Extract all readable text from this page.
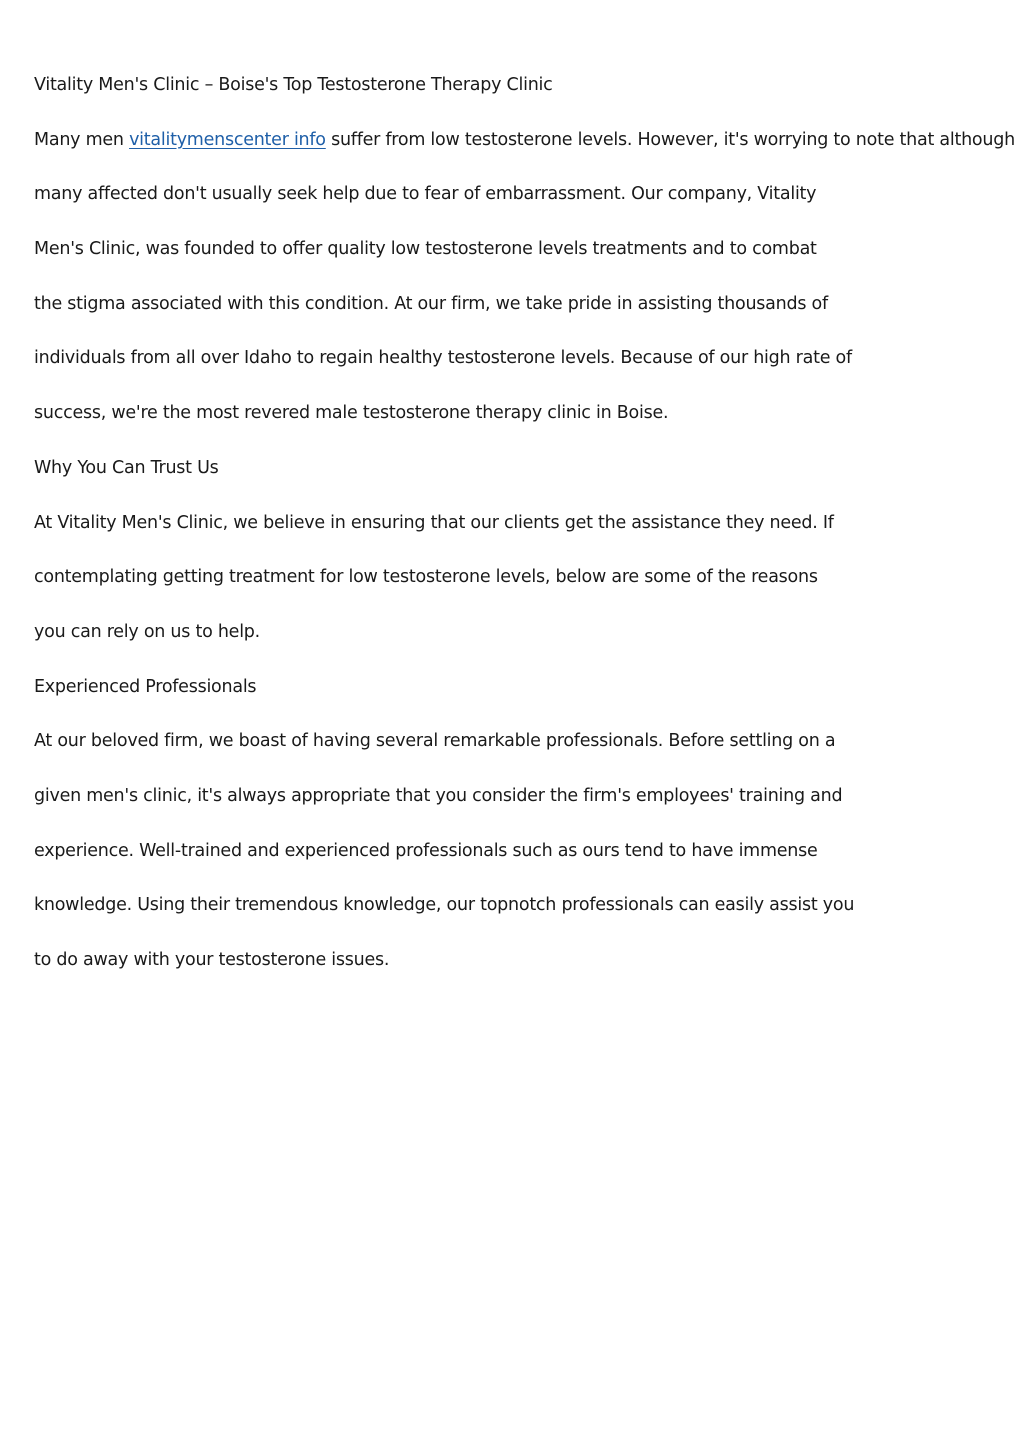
Vitality Men's Clinic – Boise's Top Testosterone Therapy Clinic
Many men vitalitymenscenter info suffer from low testosterone levels. However, it's worrying to note that although
many affected don't usually seek help due to fear of embarrassment. Our company, Vitality
Men's Clinic, was founded to offer quality low testosterone levels treatments and to combat
the stigma associated with this condition. At our firm, we take pride in assisting thousands of
individuals from all over Idaho to regain healthy testosterone levels. Because of our high rate of
success, we're the most revered male testosterone therapy clinic in Boise.
Why You Can Trust Us
At Vitality Men's Clinic, we believe in ensuring that our clients get the assistance they need. If
contemplating getting treatment for low testosterone levels, below are some of the reasons
you can rely on us to help.
Experienced Professionals
At our beloved firm, we boast of having several remarkable professionals. Before settling on a
given men's clinic, it's always appropriate that you consider the firm's employees' training and
experience. Well-trained and experienced professionals such as ours tend to have immense
knowledge. Using their tremendous knowledge, our topnotch professionals can easily assist you
to do away with your testosterone issues.
